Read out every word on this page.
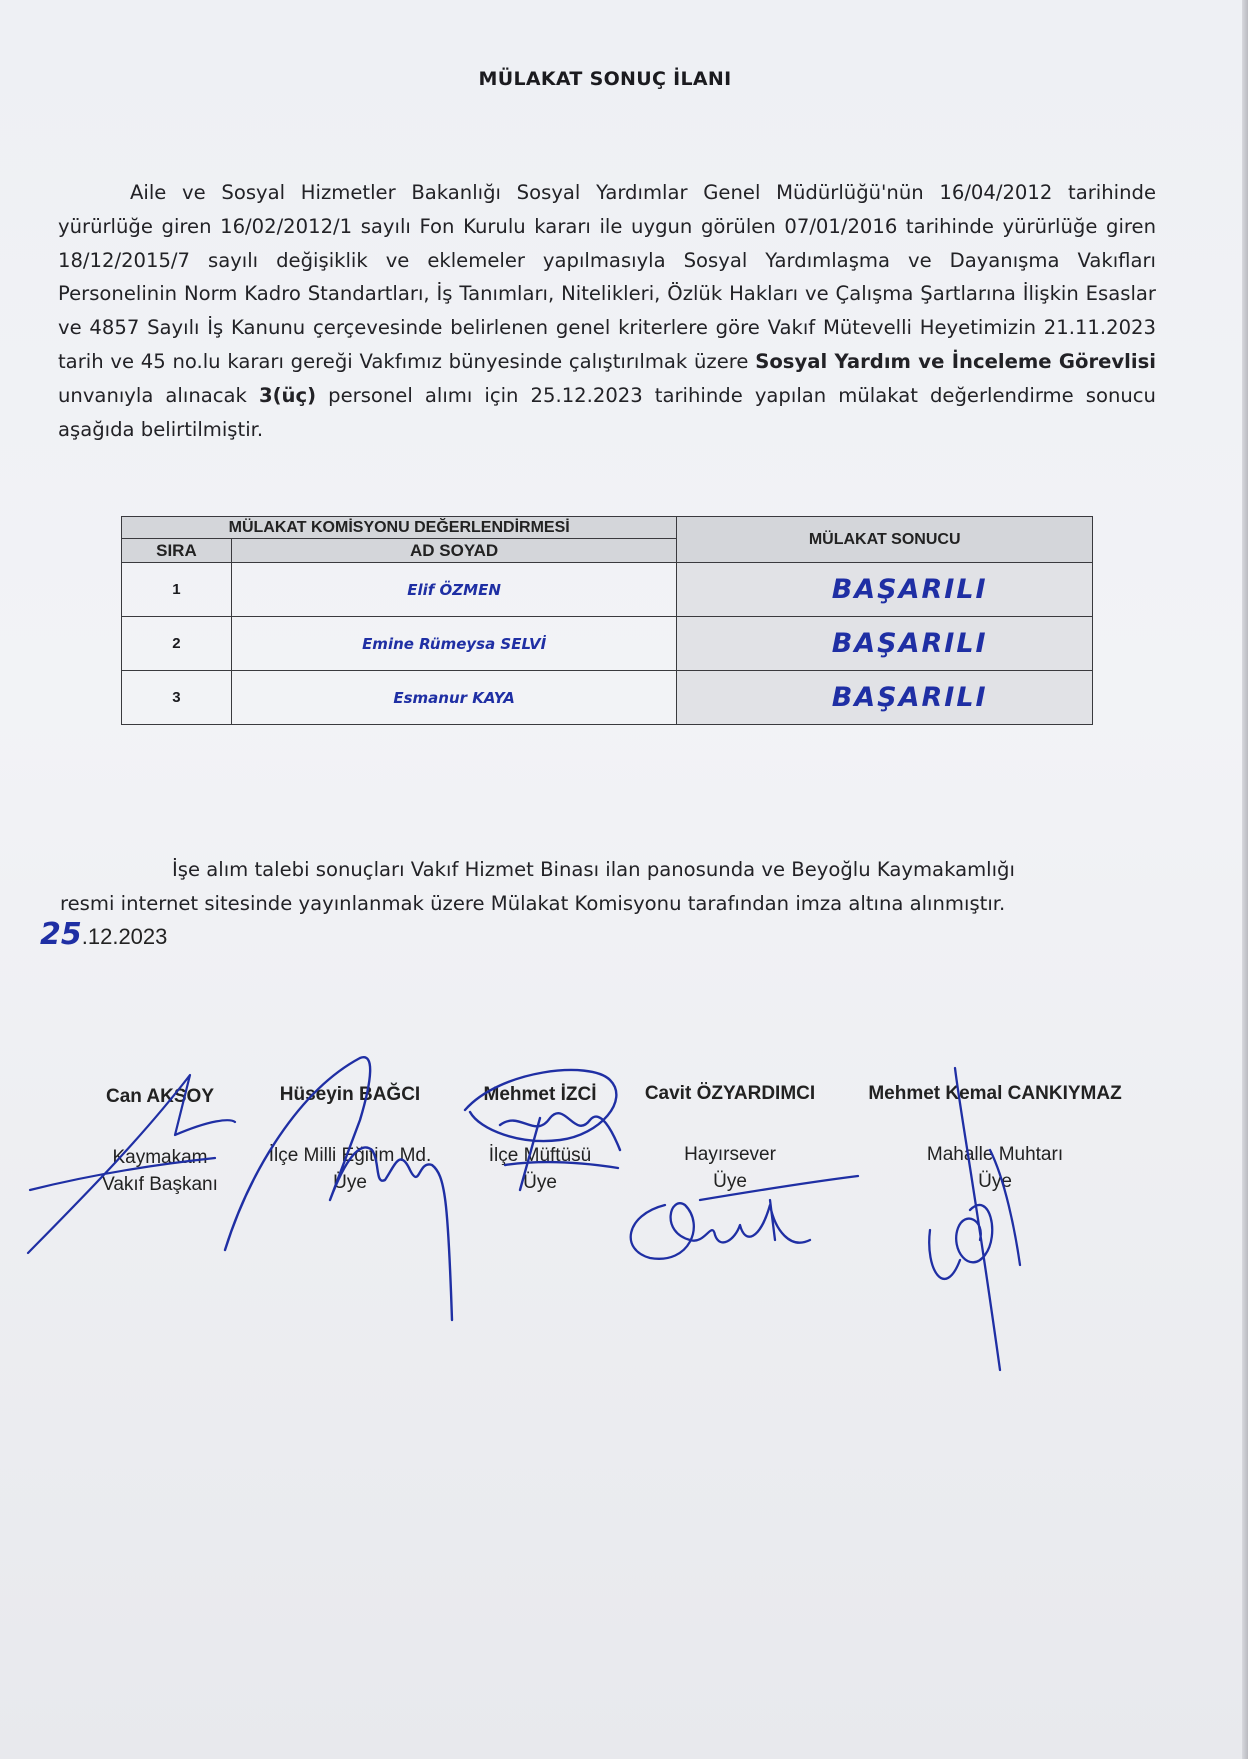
MÜLAKAT SONUÇ İLANI
Aile ve Sosyal Hizmetler Bakanlığı Sosyal Yardımlar Genel Müdürlüğü'nün 16/04/2012 tarihinde yürürlüğe giren 16/02/2012/1 sayılı Fon Kurulu kararı ile uygun görülen 07/01/2016 tarihinde yürürlüğe giren 18/12/2015/7 sayılı değişiklik ve eklemeler yapılmasıyla Sosyal Yardımlaşma ve Dayanışma Vakıfları Personelinin Norm Kadro Standartları, İş Tanımları, Nitelikleri, Özlük Hakları ve Çalışma Şartlarına İlişkin Esaslar ve 4857 Sayılı İş Kanunu çerçevesinde belirlenen genel kriterlere göre Vakıf Mütevelli Heyetimizin 21.11.2023 tarih ve 45 no.lu kararı gereği Vakfımız bünyesinde çalıştırılmak üzere Sosyal Yardım ve İnceleme Görevlisi unvanıyla alınacak 3(üç) personel alımı için 25.12.2023 tarihinde yapılan mülakat değerlendirme sonucu aşağıda belirtilmiştir.
MÜLAKAT KOMİSYONU DEĞERLENDİRMESİ		MÜLAKAT SONUCU
SIRA	AD SOYAD	
1	Elif ÖZMEN	BAŞARILI
2	Emine Rümeysa SELVİ	BAŞARILI
3	Esmanur KAYA	BAŞARILI
İşe alım talebi sonuçları Vakıf Hizmet Binası ilan panosunda ve Beyoğlu Kaymakamlığı
resmi internet sitesinde yayınlanmak üzere Mülakat Komisyonu tarafından imza altına alınmıştır.
25.12.2023
Can AKSOY
Kaymakam
Vakıf Başkanı
Hüseyin BAĞCI
İlçe Milli Eğitim Md.
Üye
Mehmet İZCİ
İlçe Müftüsü
Üye
Cavit ÖZYARDIMCI
Hayırsever
Üye
Mehmet Kemal CANKIYMAZ
Mahalle Muhtarı
Üye
